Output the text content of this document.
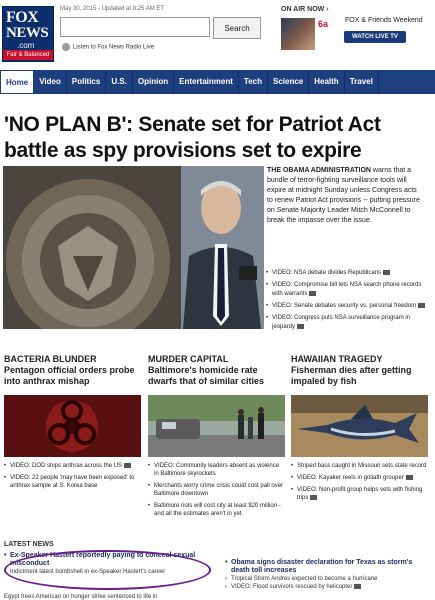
FOX
NEWS
.com
Fair & Balanced
May 30, 2015 - Updated at 8:25 AM ET
Search
Listen to Fox News Radio Live
ON AIR NOW ›
6a FOX & Friends Weekend
WATCH LIVE TV
Home	Video	Politics	U.S.	Opinion	Entertainment	Tech	Science	Health	Travel
'NO PLAN B': Senate set for Patriot Act battle as spy provisions set to expire
THE OBAMA ADMINISTRATION warns that a bundle of terror-fighting surveillance tools will expire at midnight Sunday unless Congress acts to renew Patriot Act provisions -- putting pressure on Senate Majority Leader Mitch McConnell to break the impasse over the issue.
• VIDEO: NSA debate divides Republicans
• VIDEO: Compromise bill lets NSA search phone records with warrants
• VIDEO: Senate debates security vs. personal freedom
• VIDEO: Congress puts NSA surveillance program in jeopardy
BACTERIA BLUNDER
Pentagon official orders probe into anthrax mishap
• VIDEO: DOD ships anthrax across the US
• VIDEO: 22 people 'may have been exposed' to anthrax sample at S. Korea base
MURDER CAPITAL
Baltimore's homicide rate dwarfs that of similar cities
• VIDEO: Community leaders absent as violence in Baltimore skyrockets
• Merchants worry crime crisis could cost pall over Baltimore downtown
• Baltimore riots will cost city at least $20 million - and all the estimates aren't in yet
HAWAIIAN TRAGEDY
Fisherman dies after getting impaled by fish
• Striped bass caught in Missouri sets state record
• VIDEO: Kayaker reels in goliath grouper
• VIDEO: Non-profit group helps vets with fishing trips
LATEST NEWS
• Ex-Speaker Hastert reportedly paying to conceal sexual misconduct
› Indictment latest bombshell in ex-Speaker Hastert's career
• Obama signs disaster declaration for Texas as storm's death toll increases
› Tropical Storm Andres expected to become a hurricane
› VIDEO: Flood survivors rescued by helicopter
Egypt frees American on hunger strike sentenced to life in
